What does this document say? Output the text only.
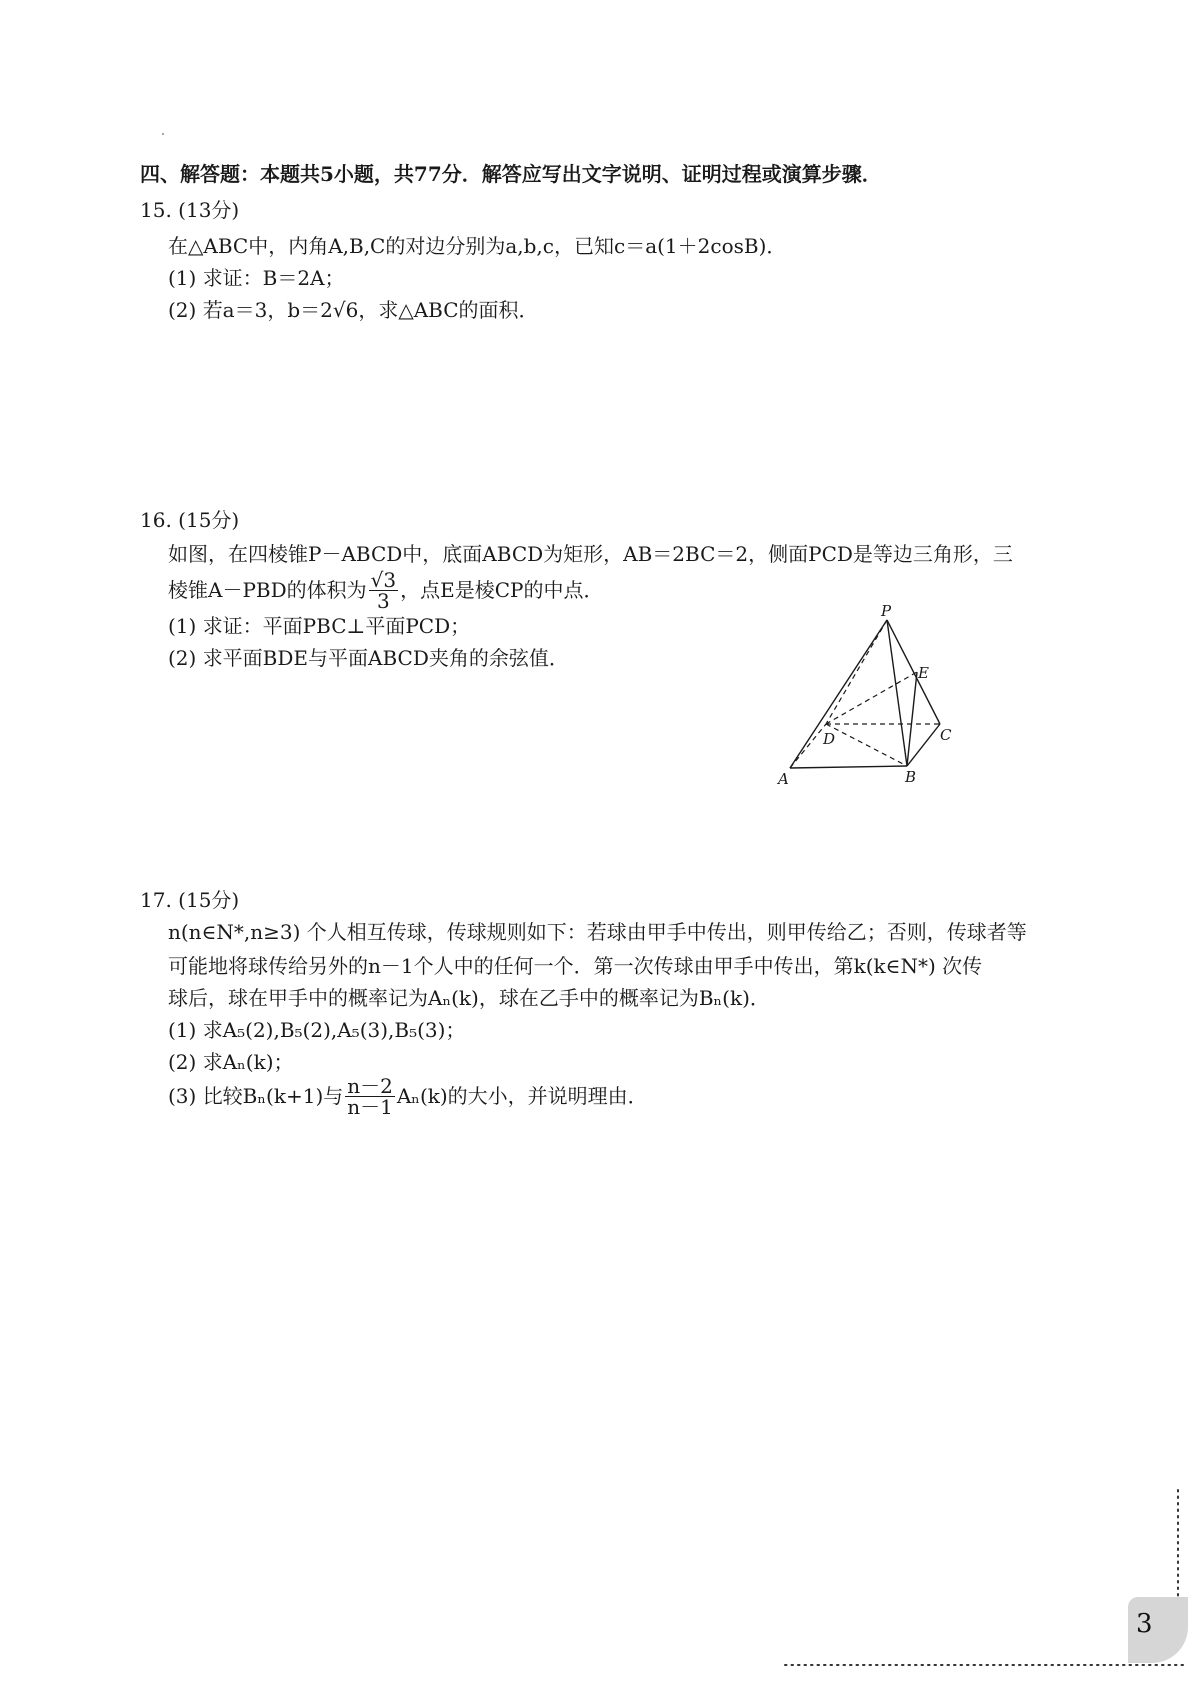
四、解答题：本题共5小题，共77分．解答应写出文字说明、证明过程或演算步骤．
15. (13分)
在△ABC中，内角A,B,C的对边分别为a,b,c，已知c＝a(1＋2cosB)．
(1) 求证：B＝2A；
(2) 若a＝3，b＝2√6，求△ABC的面积．
16. (15分)
如图，在四棱锥P－ABCD中，底面ABCD为矩形，AB＝2BC＝2，侧面PCD是等边三角形，三
棱锥A－PBD的体积为 $\frac{√3}{3}$ ，点E是棱CP的中点．
(1) 求证：平面PBC⊥平面PCD；
(2) 求平面BDE与平面ABCD夹角的余弦值．
P
E
D	C
A	B
17. (15分)
n(n∈N*,n≥3) 个人相互传球，传球规则如下：若球由甲手中传出，则甲传给乙；否则，传球者等
可能地将球传给另外的n－1个人中的任何一个．第一次传球由甲手中传出，第k(k∈N*) 次传
球后，球在甲手中的概率记为Aₙ(k)，球在乙手中的概率记为Bₙ(k)．
(1) 求A₅(2),B₅(2),A₅(3),B₅(3)；
(2) 求Aₙ(k)；
(3) 比较Bₙ(k+1)与 $\frac{n-2}{n-1} A_n(k)$的大小，并说明理由．
3
